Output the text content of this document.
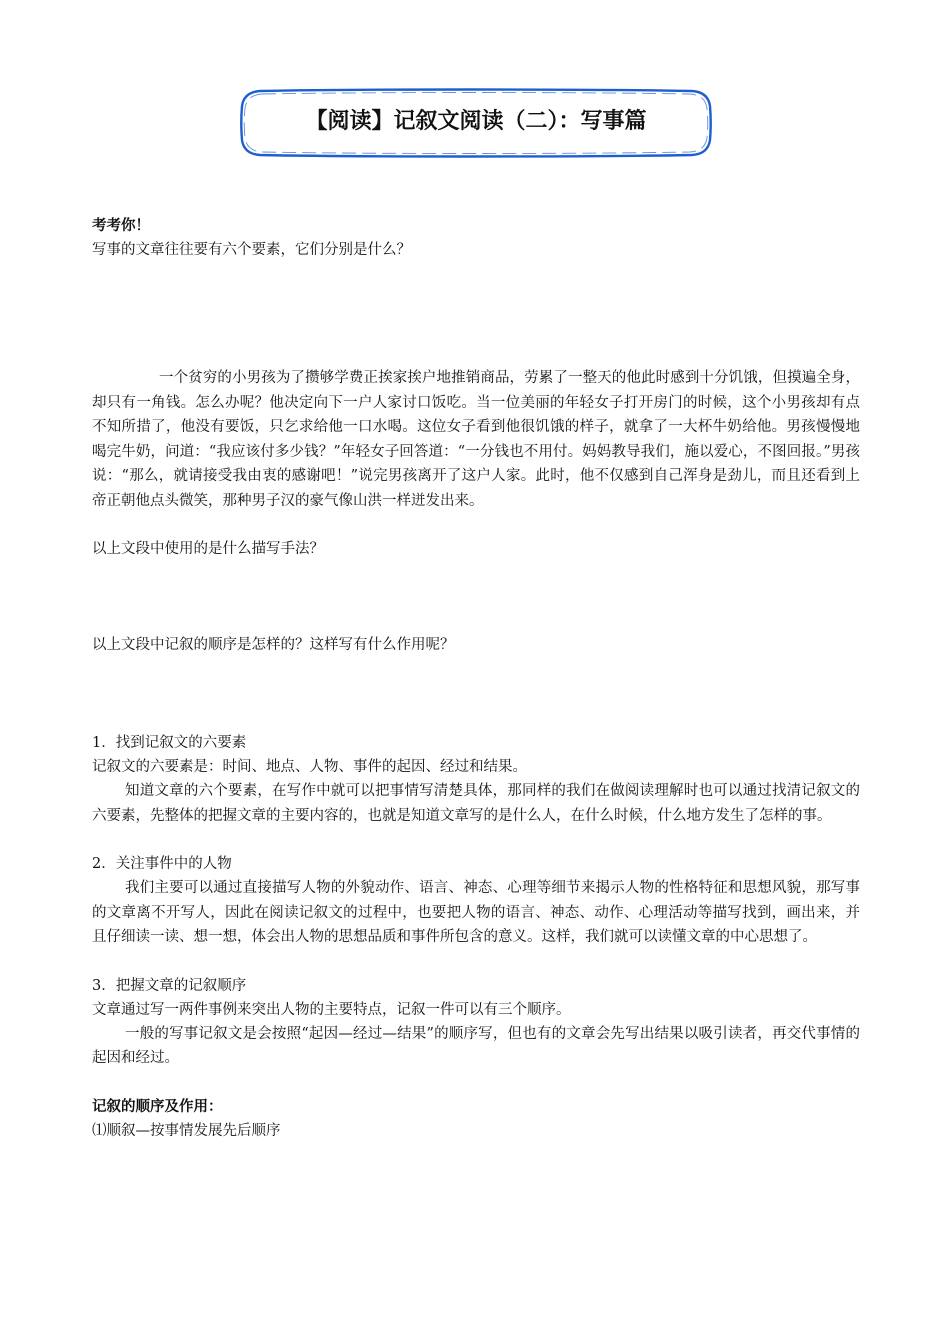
【阅读】记叙文阅读（二）：写事篇

考考你！

写事的文章往往要有六个要素，它们分别是什么？

一个贫穷的小男孩为了攒够学费正挨家挨户地推销商品，劳累了一整天的他此时感到十分饥饿，但摸遍全身，却只有一角钱。怎么办呢？他决定向下一户人家讨口饭吃。当一位美丽的年轻女子打开房门的时候，这个小男孩却有点不知所措了，他没有要饭，只乞求给他一口水喝。这位女子看到他很饥饿的样子，就拿了一大杯牛奶给他。男孩慢慢地喝完牛奶，问道：“我应该付多少钱？”年轻女子回答道：“一分钱也不用付。妈妈教导我们，施以爱心，不图回报。”男孩说：“那么，就请接受我由衷的感谢吧！”说完男孩离开了这户人家。此时，他不仅感到自己浑身是劲儿，而且还看到上帝正朝他点头微笑，那种男子汉的豪气像山洪一样迸发出来。

以上文段中使用的是什么描写手法？

以上文段中记叙的顺序是怎样的？这样写有什么作用呢？

1．找到记叙文的六要素

记叙文的六要素是：时间、地点、人物、事件的起因、经过和结果。

知道文章的六个要素，在写作中就可以把事情写清楚具体，那同样的我们在做阅读理解时也可以通过找清记叙文的六要素，先整体的把握文章的主要内容的，也就是知道文章写的是什么人，在什么时候，什么地方发生了怎样的事。

2．关注事件中的人物

我们主要可以通过直接描写人物的外貌动作、语言、神态、心理等细节来揭示人物的性格特征和思想风貌，那写事的文章离不开写人，因此在阅读记叙文的过程中，也要把人物的语言、神态、动作、心理活动等描写找到，画出来，并且仔细读一读、想一想，体会出人物的思想品质和事件所包含的意义。这样，我们就可以读懂文章的中心思想了。

3．把握文章的记叙顺序

文章通过写一两件事例来突出人物的主要特点，记叙一件可以有三个顺序。

一般的写事记叙文是会按照“起因—经过—结果”的顺序写，但也有的文章会先写出结果以吸引读者，再交代事情的起因和经过。

记叙的顺序及作用：

⑴顺叙—按事情发展先后顺序
